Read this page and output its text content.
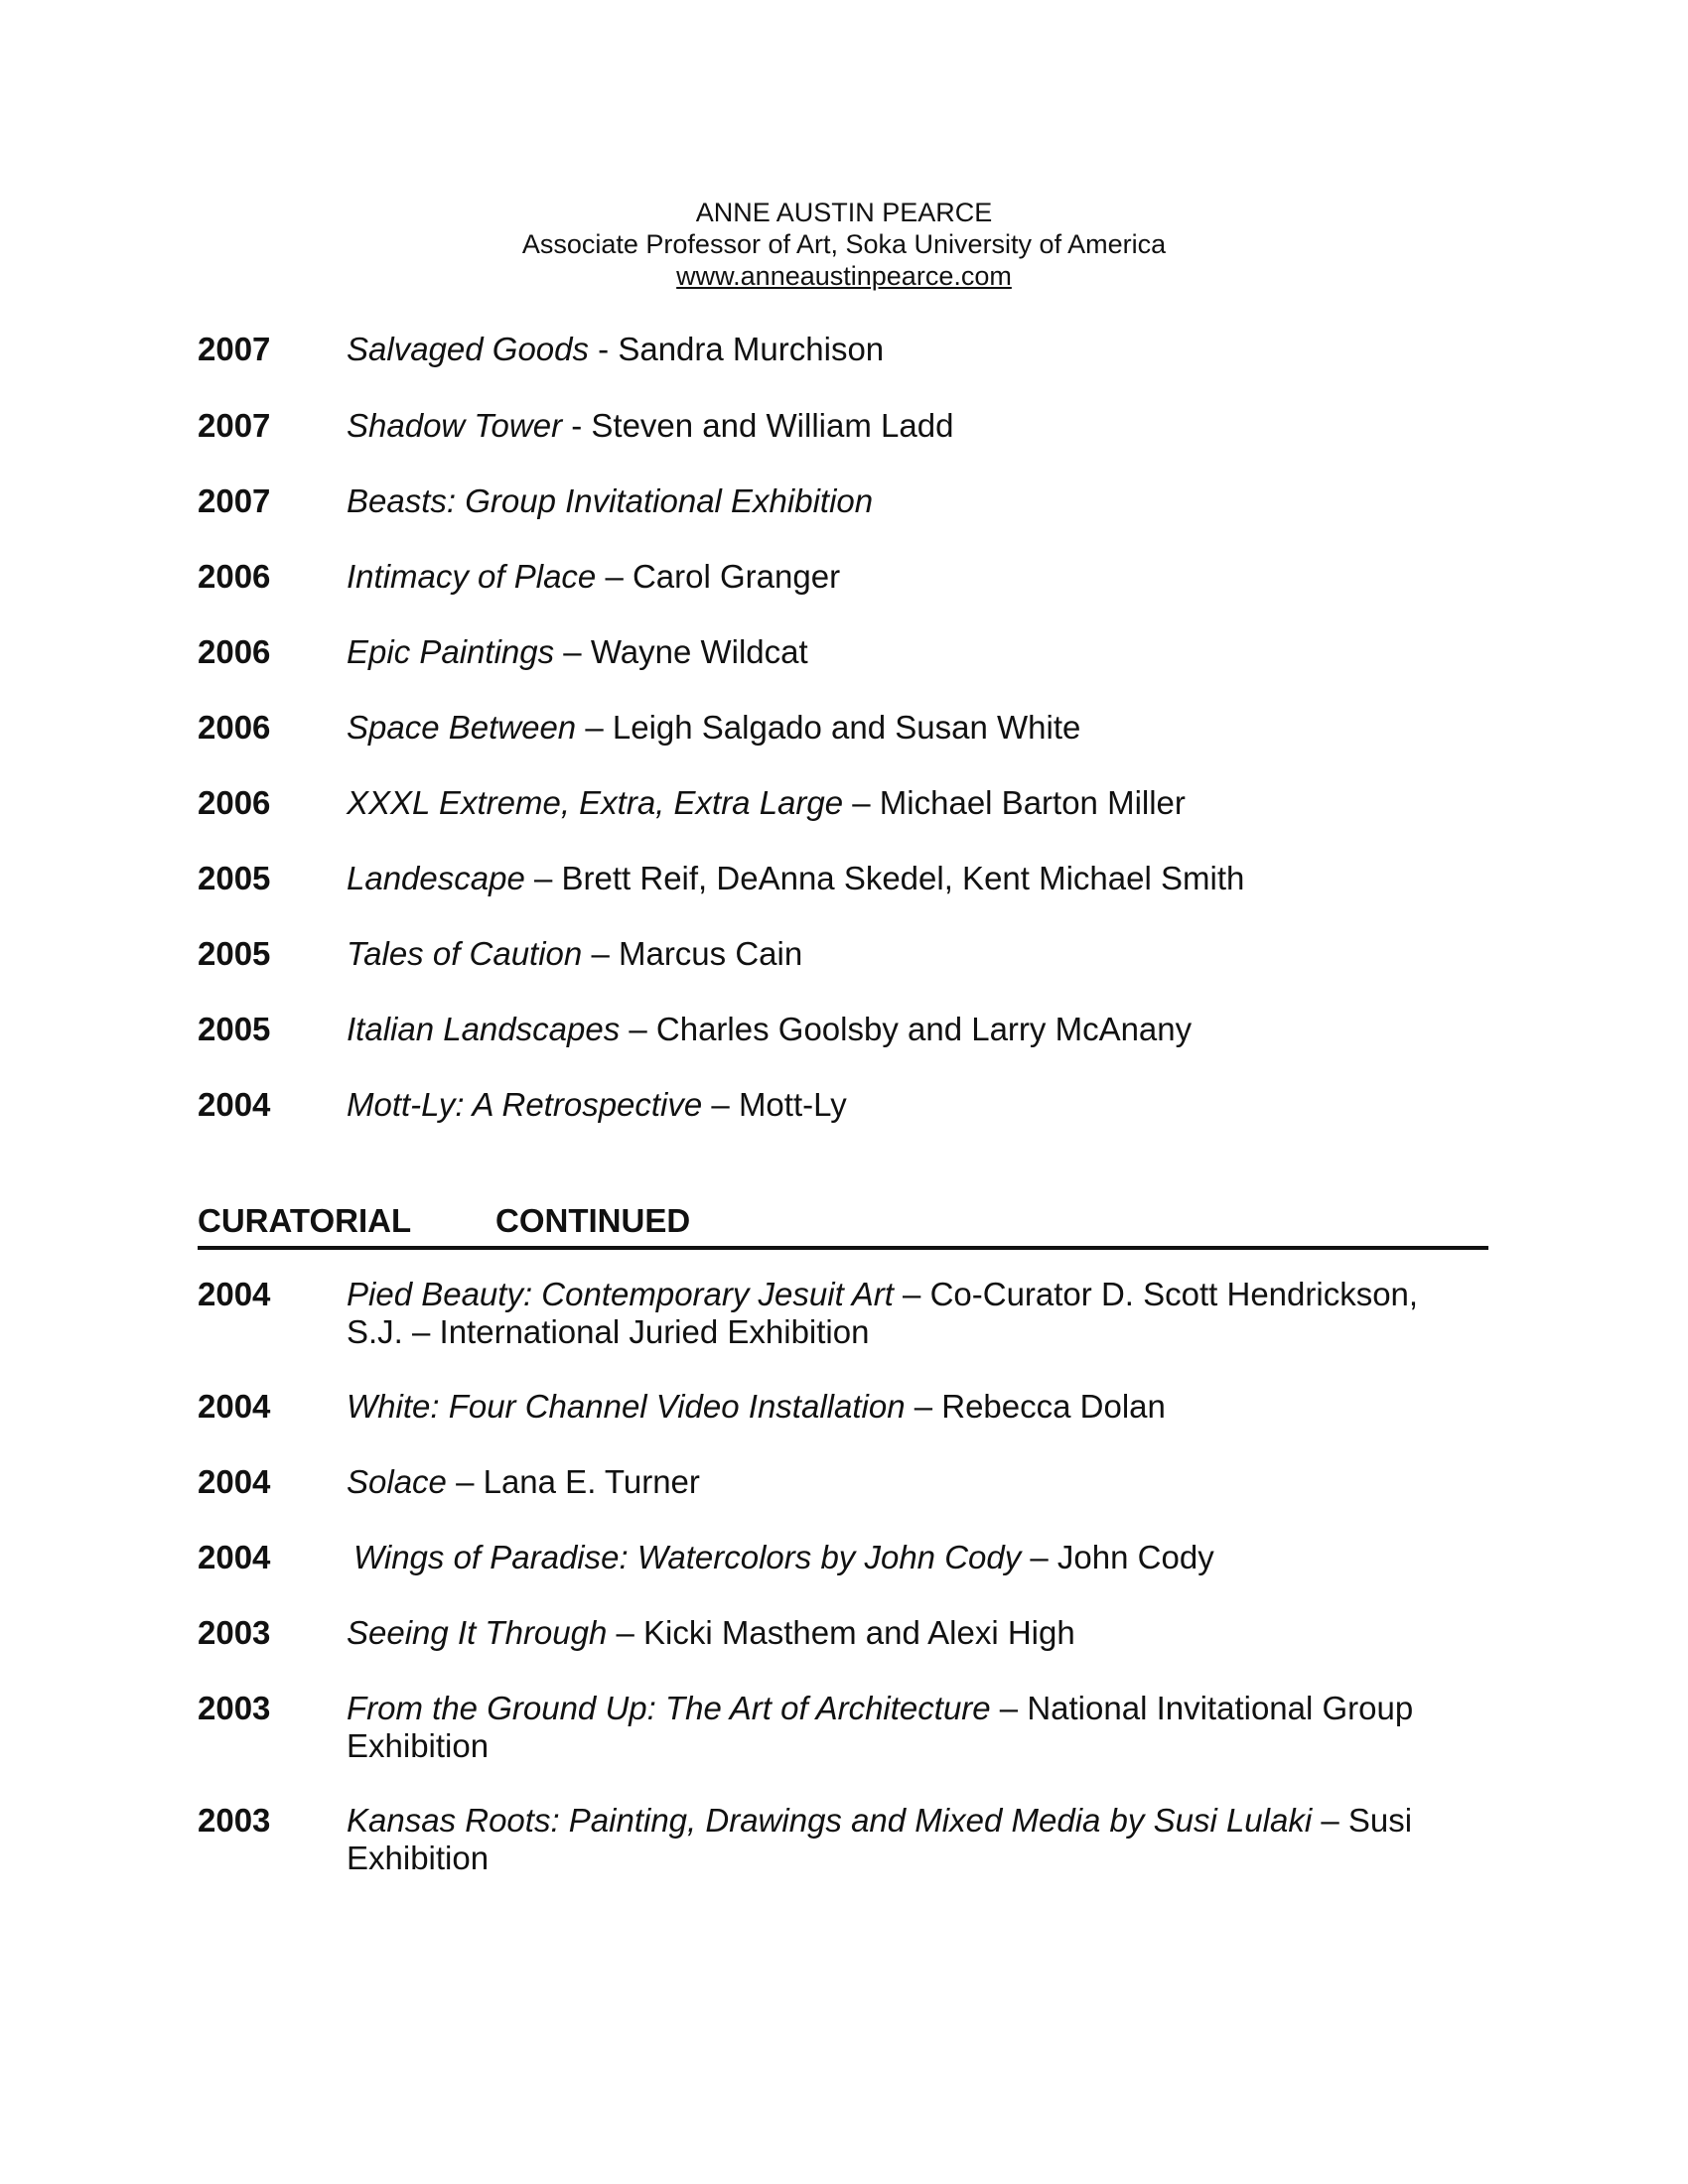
ANNE AUSTIN PEARCE
Associate Professor of Art, Soka University of America
www.anneaustinpearce.com
2007	Salvaged Goods - Sandra Murchison
2007	Shadow Tower - Steven and William Ladd
2007	Beasts: Group Invitational Exhibition
2006	Intimacy of Place – Carol Granger
2006	Epic Paintings – Wayne Wildcat
2006	Space Between – Leigh Salgado and Susan White
2006	XXXL Extreme, Extra, Extra Large – Michael Barton Miller
2005	Landescape – Brett Reif, DeAnna Skedel, Kent Michael Smith
2005	Tales of Caution – Marcus Cain
2005	Italian Landscapes – Charles Goolsby and Larry McAnany
2004	Mott-Ly: A Retrospective – Mott-Ly
CURATORIAL	CONTINUED
2004	Pied Beauty: Contemporary Jesuit Art – Co-Curator D. Scott Hendrickson,
S.J. – International Juried Exhibition
2004	White: Four Channel Video Installation – Rebecca Dolan
2004	Solace – Lana E. Turner
2004	Wings of Paradise: Watercolors by John Cody – John Cody
2003	Seeing It Through – Kicki Masthem and Alexi High
2003	From the Ground Up: The Art of Architecture – National Invitational Group
Exhibition
2003	Kansas Roots: Painting, Drawings and Mixed Media by Susi Lulaki – Susi
Exhibition
